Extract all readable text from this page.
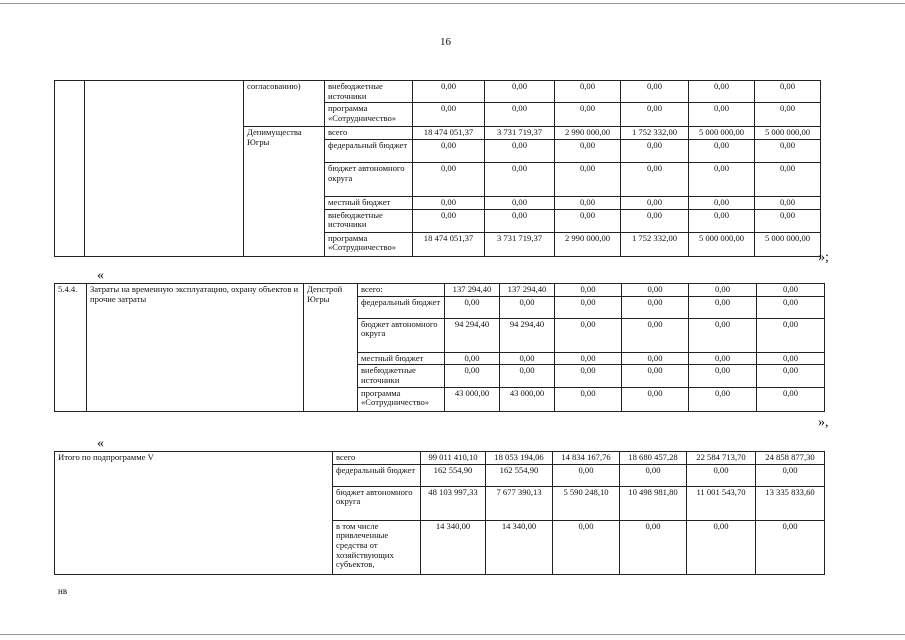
16
		согласованию)	внебюджетные источники	0,00	0,00	0,00	0,00	0,00	0,00
			программа «Сотрудничество»	0,00	0,00	0,00	0,00	0,00	0,00
		Депимущества Югры	всего	18 474 051,37	3 731 719,37	2 990 000,00	1 752 332,00	5 000 000,00	5 000 000,00
			федеральный бюджет	0,00	0,00	0,00	0,00	0,00	0,00
			бюджет автономного округа	0,00	0,00	0,00	0,00	0,00	0,00
			местный бюджет	0,00	0,00	0,00	0,00	0,00	0,00
			внебюджетные источники	0,00	0,00	0,00	0,00	0,00	0,00
			программа «Сотрудничество»	18 474 051,37	3 731 719,37	2 990 000,00	1 752 332,00	5 000 000,00	5 000 000,00
»;
«
5.4.4.	Затраты на временную эксплуатацию, охрану объектов и прочие затраты	Депстрой Югры	всего:	137 294,40	137 294,40	0,00	0,00	0,00	0,00
			федеральный бюджет	0,00	0,00	0,00	0,00	0,00	0,00
			бюджет автономного округа	94 294,40	94 294,40	0,00	0,00	0,00	0,00
			местный бюджет	0,00	0,00	0,00	0,00	0,00	0,00
			внебюджетные источники	0,00	0,00	0,00	0,00	0,00	0,00
			программа «Сотрудничество»	43 000,00	43 000,00	0,00	0,00	0,00	0,00
»,
«
Итого по подпрограмме V	всего	99 011 410,10	18 053 194,06	14 834 167,76	18 680 457,28	22 584 713,70	24 858 877,30
	федеральный бюджет	162 554,90	162 554,90	0,00	0,00	0,00	0,00
	бюджет автономного округа	48 103 997,33	7 677 390,13	5 590 248,10	10 498 981,80	11 001 543,70	13 335 833,60
	в том числе привлеченные средства от хозяйствующих субъектов,	14 340,00	14 340,00	0,00	0,00	0,00	0,00
нв
